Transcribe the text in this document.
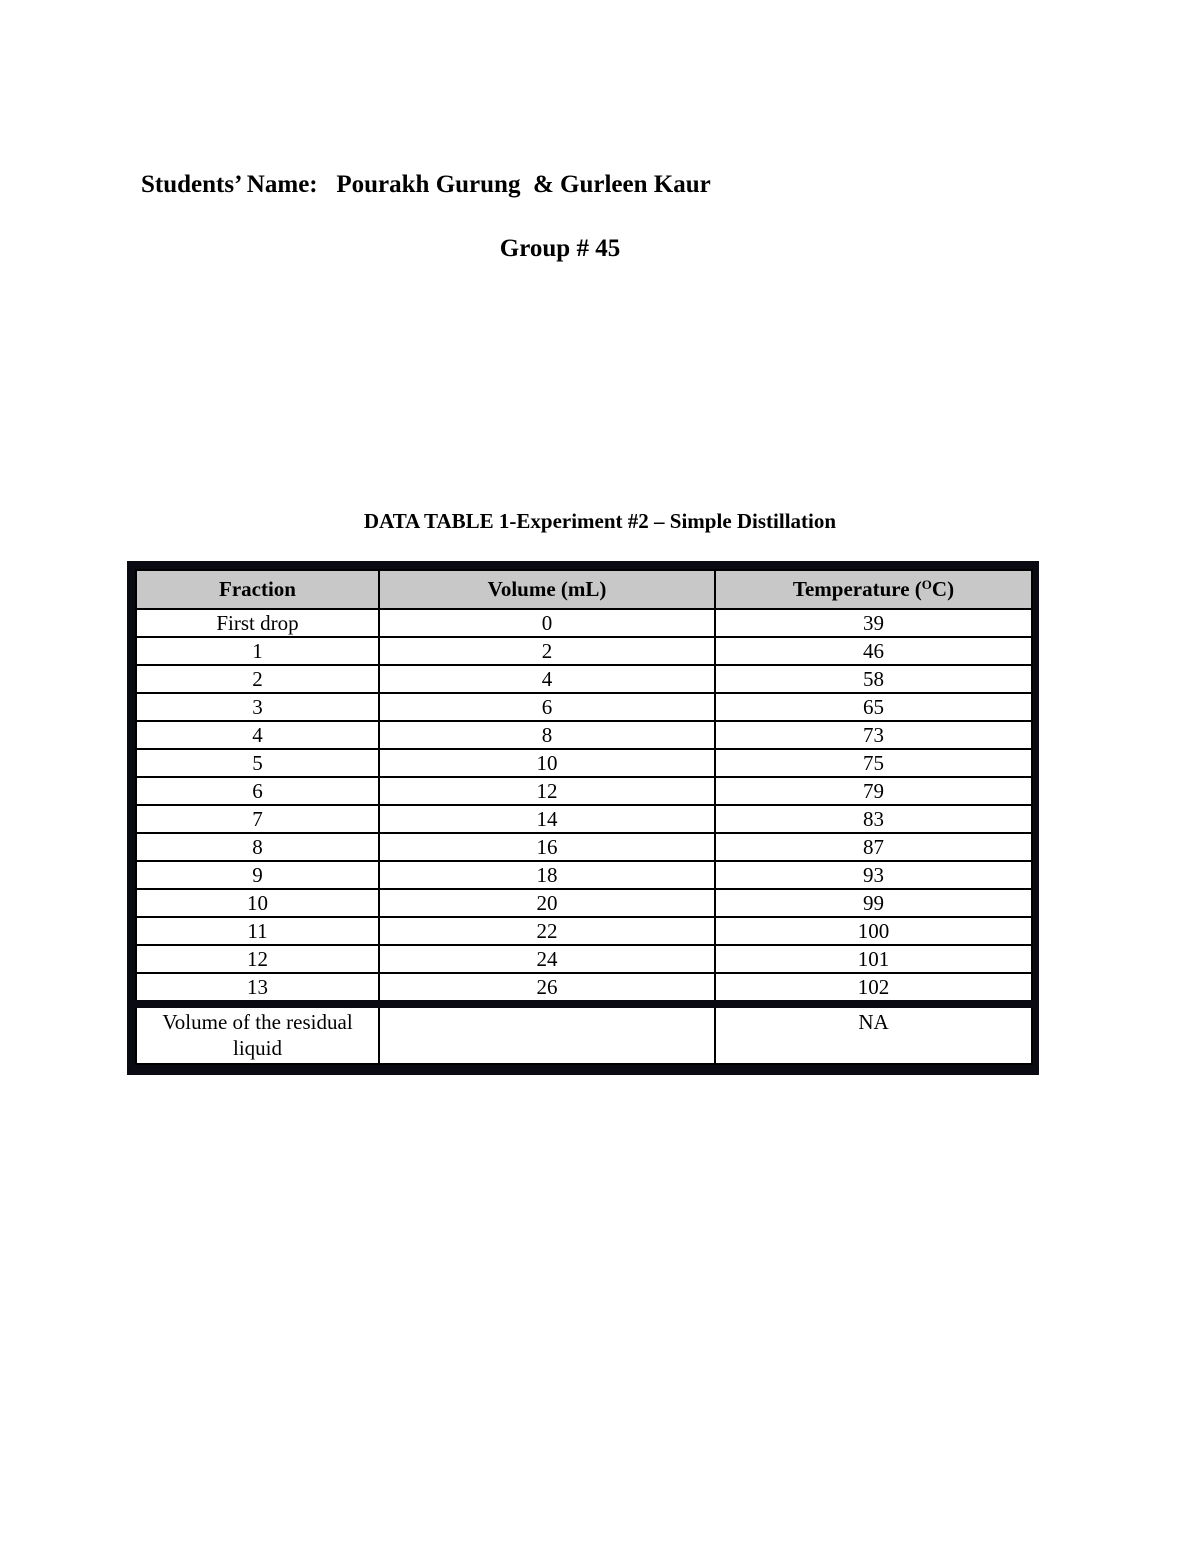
Students’ Name: Pourakh Gurung  & Gurleen Kaur
Group # 45
DATA TABLE 1-Experiment #2 – Simple Distillation
Fraction	Volume (mL)	Temperature ($^O$C)
First drop	0	39
1	2	46
2	4	58
3	6	65
4	8	73
5	10	75
6	12	79
7	14	83
8	16	87
9	18	93
10	20	99
11	22	100
12	24	101
13	26	102
Volume of the residual liquid		NA
